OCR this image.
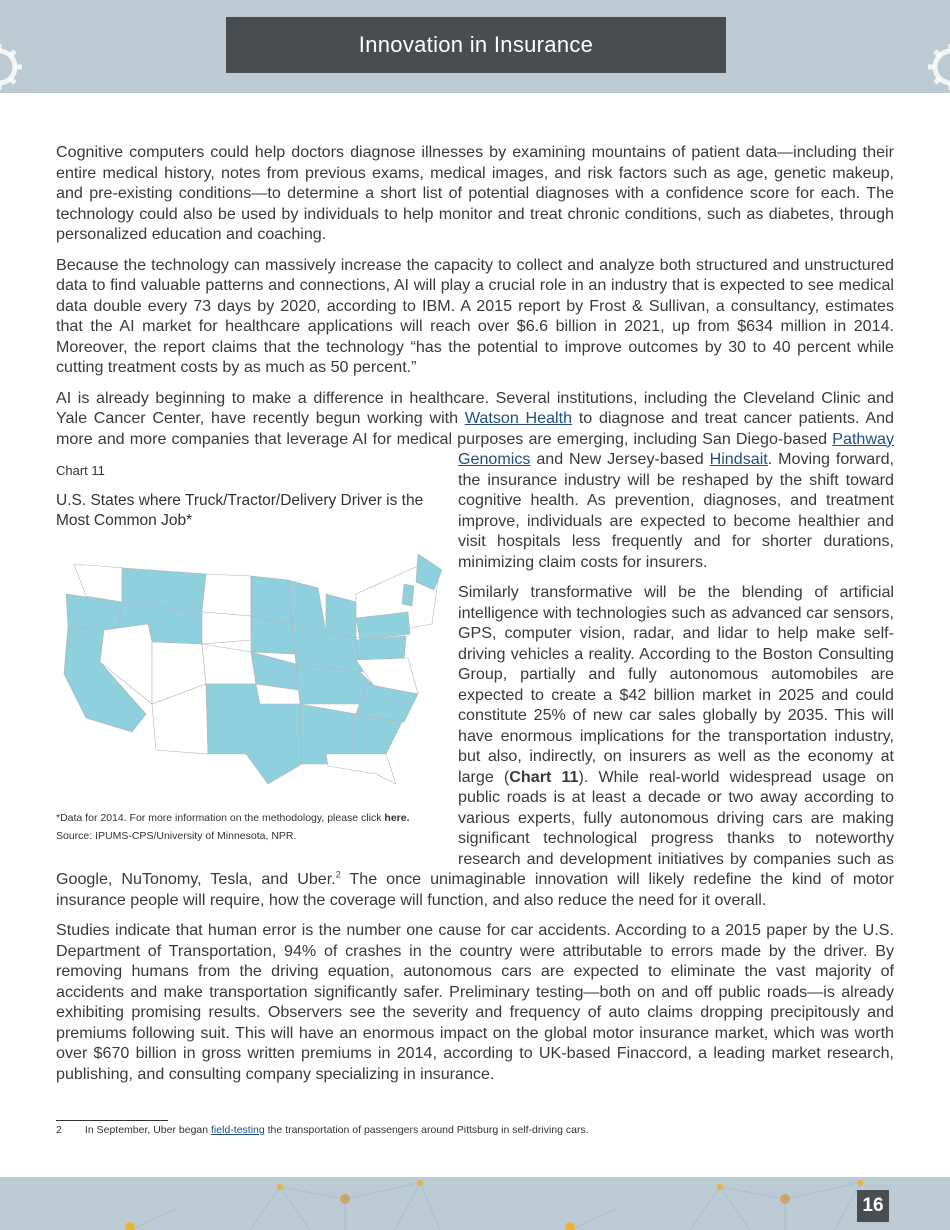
Innovation in Insurance

Cognitive computers could help doctors diagnose illnesses by examining mountains of patient data—including their entire medical history, notes from previous exams, medical images, and risk factors such as age, genetic makeup, and pre-existing conditions—to determine a short list of potential diagnoses with a confidence score for each. The technology could also be used by individuals to help monitor and treat chronic conditions, such as diabetes, through personalized education and coaching.

Because the technology can massively increase the capacity to collect and analyze both structured and unstructured data to find valuable patterns and connections, AI will play a crucial role in an industry that is expected to see medical data double every 73 days by 2020, according to IBM. A 2015 report by Frost & Sullivan, a consultancy, estimates that the AI market for healthcare applications will reach over $6.6 billion in 2021, up from $634 million in 2014. Moreover, the report claims that the technology “has the potential to improve outcomes by 30 to 40 percent while cutting treatment costs by as much as 50 percent.”

AI is already beginning to make a difference in healthcare. Several institutions, including the Cleveland Clinic and Yale Cancer Center, have recently begun working with Watson Health to diagnose and treat cancer patients. And more and more companies that leverage AI for medical purposes are emerging, including San Diego-based
Chart 11
U.S. States where Truck/Tractor/Delivery Driver is the Most Common Job*
*Data for 2014. For more information on the methodology, please click here.
Source: IPUMS-CPS/University of Minnesota, NPR.
Pathway Genomics and New Jersey-based Hindsait. Moving forward, the insurance industry will be reshaped by the shift toward cognitive health. As prevention, diagnoses, and treatment improve, individuals are expected to become healthier and visit hospitals less frequently and for shorter durations, minimizing claim costs for insurers.

Similarly transformative will be the blending of artificial intelligence with technologies such as advanced car sensors, GPS, computer vision, radar, and lidar to help make self-driving vehicles a reality. According to the Boston Consulting Group, partially and fully autonomous automobiles are expected to create a $42 billion market in 2025 and could constitute 25% of new car sales globally by 2035. This will have enormous implications for the transportation industry, but also, indirectly, on insurers as well as the economy at large (Chart 11). While real-world widespread usage on public roads is at least a decade or two away according to various experts, fully autonomous driving cars are making significant technological progress thanks to noteworthy research and development initiatives by companies such as Google, NuTonomy, Tesla, and Uber.$^2$ The once unimaginable innovation will likely redefine the kind of motor insurance people will require, how the coverage will function, and also reduce the need for it overall.

Studies indicate that human error is the number one cause for car accidents. According to a 2015 paper by the U.S. Department of Transportation, 94% of crashes in the country were attributable to errors made by the driver. By removing humans from the driving equation, autonomous cars are expected to eliminate the vast majority of accidents and make transportation significantly safer. Preliminary testing—both on and off public roads—is already exhibiting promising results. Observers see the severity and frequency of auto claims dropping precipitously and premiums following suit. This will have an enormous impact on the global motor insurance market, which was worth over $670 billion in gross written premiums in 2014, according to UK-based Finaccord, a leading market research, publishing, and consulting company specializing in insurance.

2 In September, Uber began field-testing the transportation of passengers around Pittsburg in self-driving cars.
16
